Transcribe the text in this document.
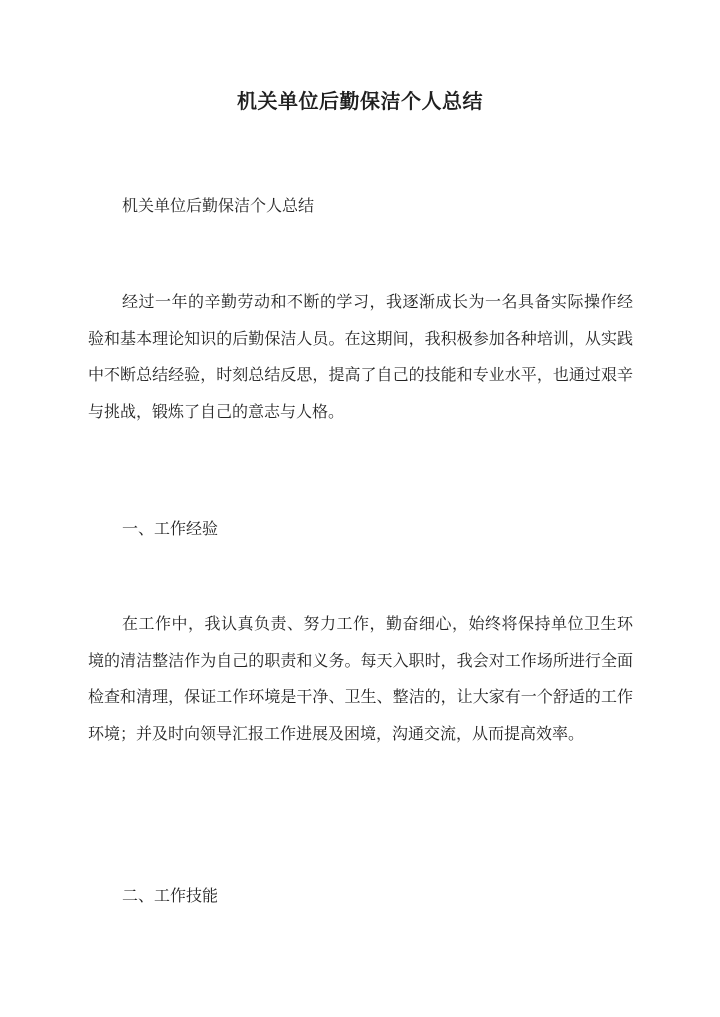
机关单位后勤保洁个人总结
机关单位后勤保洁个人总结
经过一年的辛勤劳动和不断的学习，我逐渐成长为一名具备实际操作经验和基本理论知识的后勤保洁人员。在这期间，我积极参加各种培训，从实践中不断总结经验，时刻总结反思，提高了自己的技能和专业水平，也通过艰辛与挑战，锻炼了自己的意志与人格。
一、工作经验
在工作中，我认真负责、努力工作，勤奋细心，始终将保持单位卫生环境的清洁整洁作为自己的职责和义务。每天入职时，我会对工作场所进行全面检查和清理，保证工作环境是干净、卫生、整洁的，让大家有一个舒适的工作环境；并及时向领导汇报工作进展及困境，沟通交流，从而提高效率。
二、工作技能
